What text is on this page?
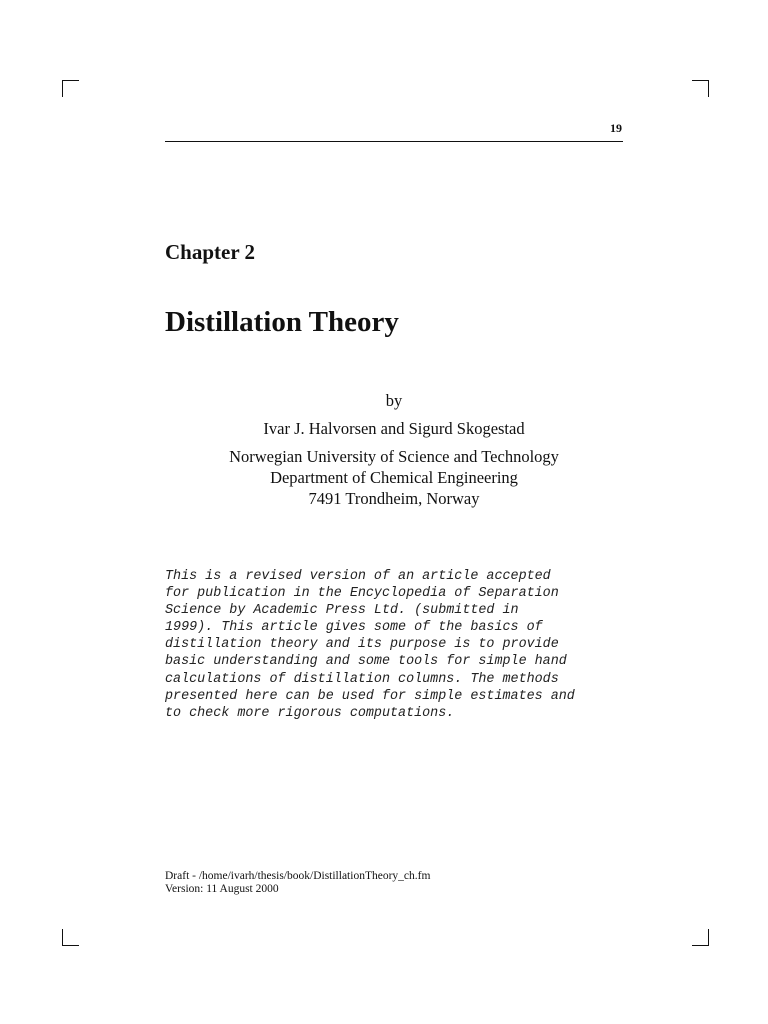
19
Chapter 2
Distillation Theory
by
Ivar J. Halvorsen and Sigurd Skogestad
Norwegian University of Science and Technology
Department of Chemical Engineering
7491 Trondheim, Norway
This is a revised version of an article accepted
for publication in the Encyclopedia of Separation
Science by Academic Press Ltd. (submitted in
1999). This article gives some of the basics of
distillation theory and its purpose is to provide
basic understanding and some tools for simple hand
calculations of distillation columns. The methods
presented here can be used for simple estimates and
to check more rigorous computations.
Draft - /home/ivarh/thesis/book/DistillationTheory_ch.fm
Version: 11 August 2000
